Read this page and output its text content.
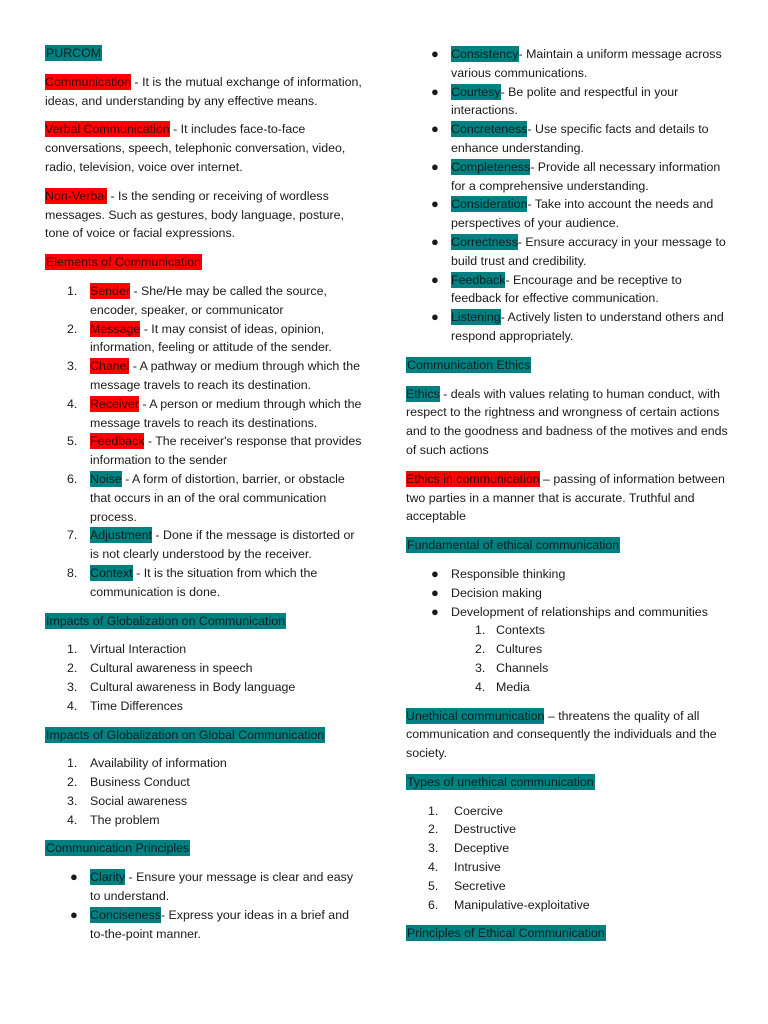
PURCOM

Communication - It is the mutual exchange of information, ideas, and understanding by any effective means.

Verbal Communication - It includes face-to-face conversations, speech, telephonic conversation, video, radio, television, voice over internet.

Non-Verbal - Is the sending or receiving of wordless messages. Such as gestures, body language, posture, tone of voice or facial expressions.

Elements of Communication
1. Sender - She/He may be called the source, encoder, speaker, or communicator
2. Message - It may consist of ideas, opinion, information, feeling or attitude of the sender.
3. Chanel - A pathway or medium through which the message travels to reach its destination.
4. Receiver - A person or medium through which the message travels to reach its destinations.
5. Feedback - The receiver's response that provides information to the sender
6. Noise - A form of distortion, barrier, or obstacle that occurs in an of the oral communication process.
7. Adjustment - Done if the message is distorted or is not clearly understood by the receiver.
8. Context - It is the situation from which the communication is done.
Impacts of Globalization on Communication
1. Virtual Interaction
2. Cultural awareness in speech
3. Cultural awareness in Body language
4. Time Differences
Impacts of Globalization on Global Communication
1. Availability of information
2. Business Conduct
3. Social awareness
4. The problem
Communication Principles
● Clarity - Ensure your message is clear and easy to understand.
● Conciseness- Express your ideas in a brief and to-the-point manner.
● Consistency- Maintain a uniform message across various communications.
● Courtesy- Be polite and respectful in your interactions.
● Concreteness- Use specific facts and details to enhance understanding.
● Completeness- Provide all necessary information for a comprehensive understanding.
● Consideration- Take into account the needs and perspectives of your audience.
● Correctness- Ensure accuracy in your message to build trust and credibility.
● Feedback- Encourage and be receptive to feedback for effective communication.
● Listening- Actively listen to understand others and respond appropriately.
Communication Ethics

Ethics - deals with values relating to human conduct, with respect to the rightness and wrongness of certain actions and to the goodness and badness of the motives and ends of such actions

Ethics in communication – passing of information between two parties in a manner that is accurate. Truthful and acceptable

Fundamental of ethical communication
● Responsible thinking
● Decision making
● Development of relationships and communities
1. Contexts
2. Cultures
3. Channels
4. Media

Unethical communication – threatens the quality of all communication and consequently the individuals and the society.

Types of unethical communication
1. Coercive
2. Destructive
3. Deceptive
4. Intrusive
5. Secretive
6. Manipulative-exploitative
Principles of Ethical Communication
